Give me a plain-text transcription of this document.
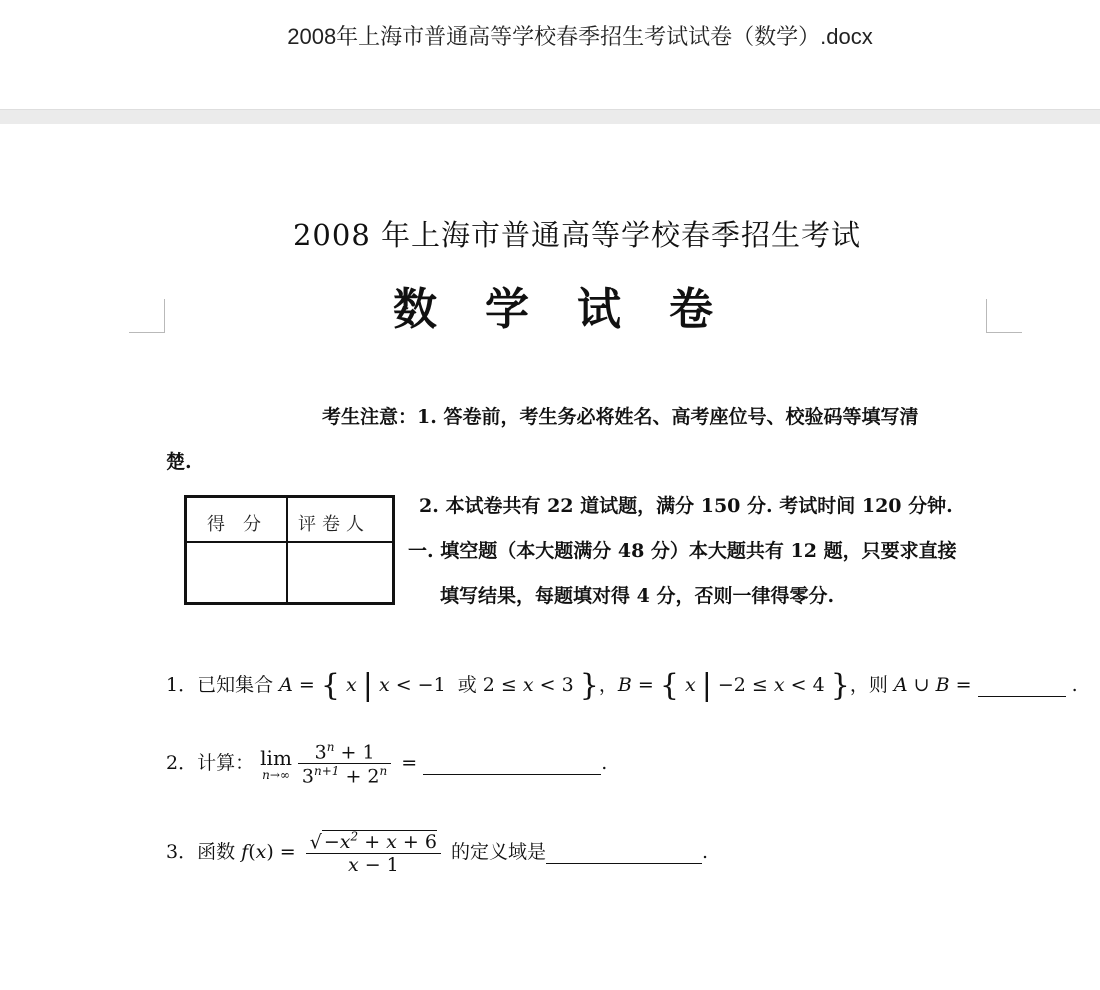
2008年上海市普通高等学校春季招生考试试卷（数学）.docx
2008 年上海市普通高等学校春季招生考试
数学试卷
考生注意：1. 答卷前，考生务必将姓名、高考座位号、校验码等填写清
楚.
得分 评卷人
2. 本试卷共有 22 道试题，满分 150 分. 考试时间 120 分钟.
一. 填空题（本大题满分 48 分）本大题共有 12 题，只要求直接
填写结果，每题填对得 4 分，否则一律得零分.
1．已知集合 A = { x | x < −1  或 2 ≤ x < 3 }，B = { x | −2 ≤ x < 4 }，则 A ∪ B =	.
2．计算： lim
$n\to\infty \frac{3^n + 1}{3^{n+1} + 2^n}$ =	.
3．函数 $f(x) = \frac{√ -x^2 + x + 6}{x - 1}$ 的定义域是	.
